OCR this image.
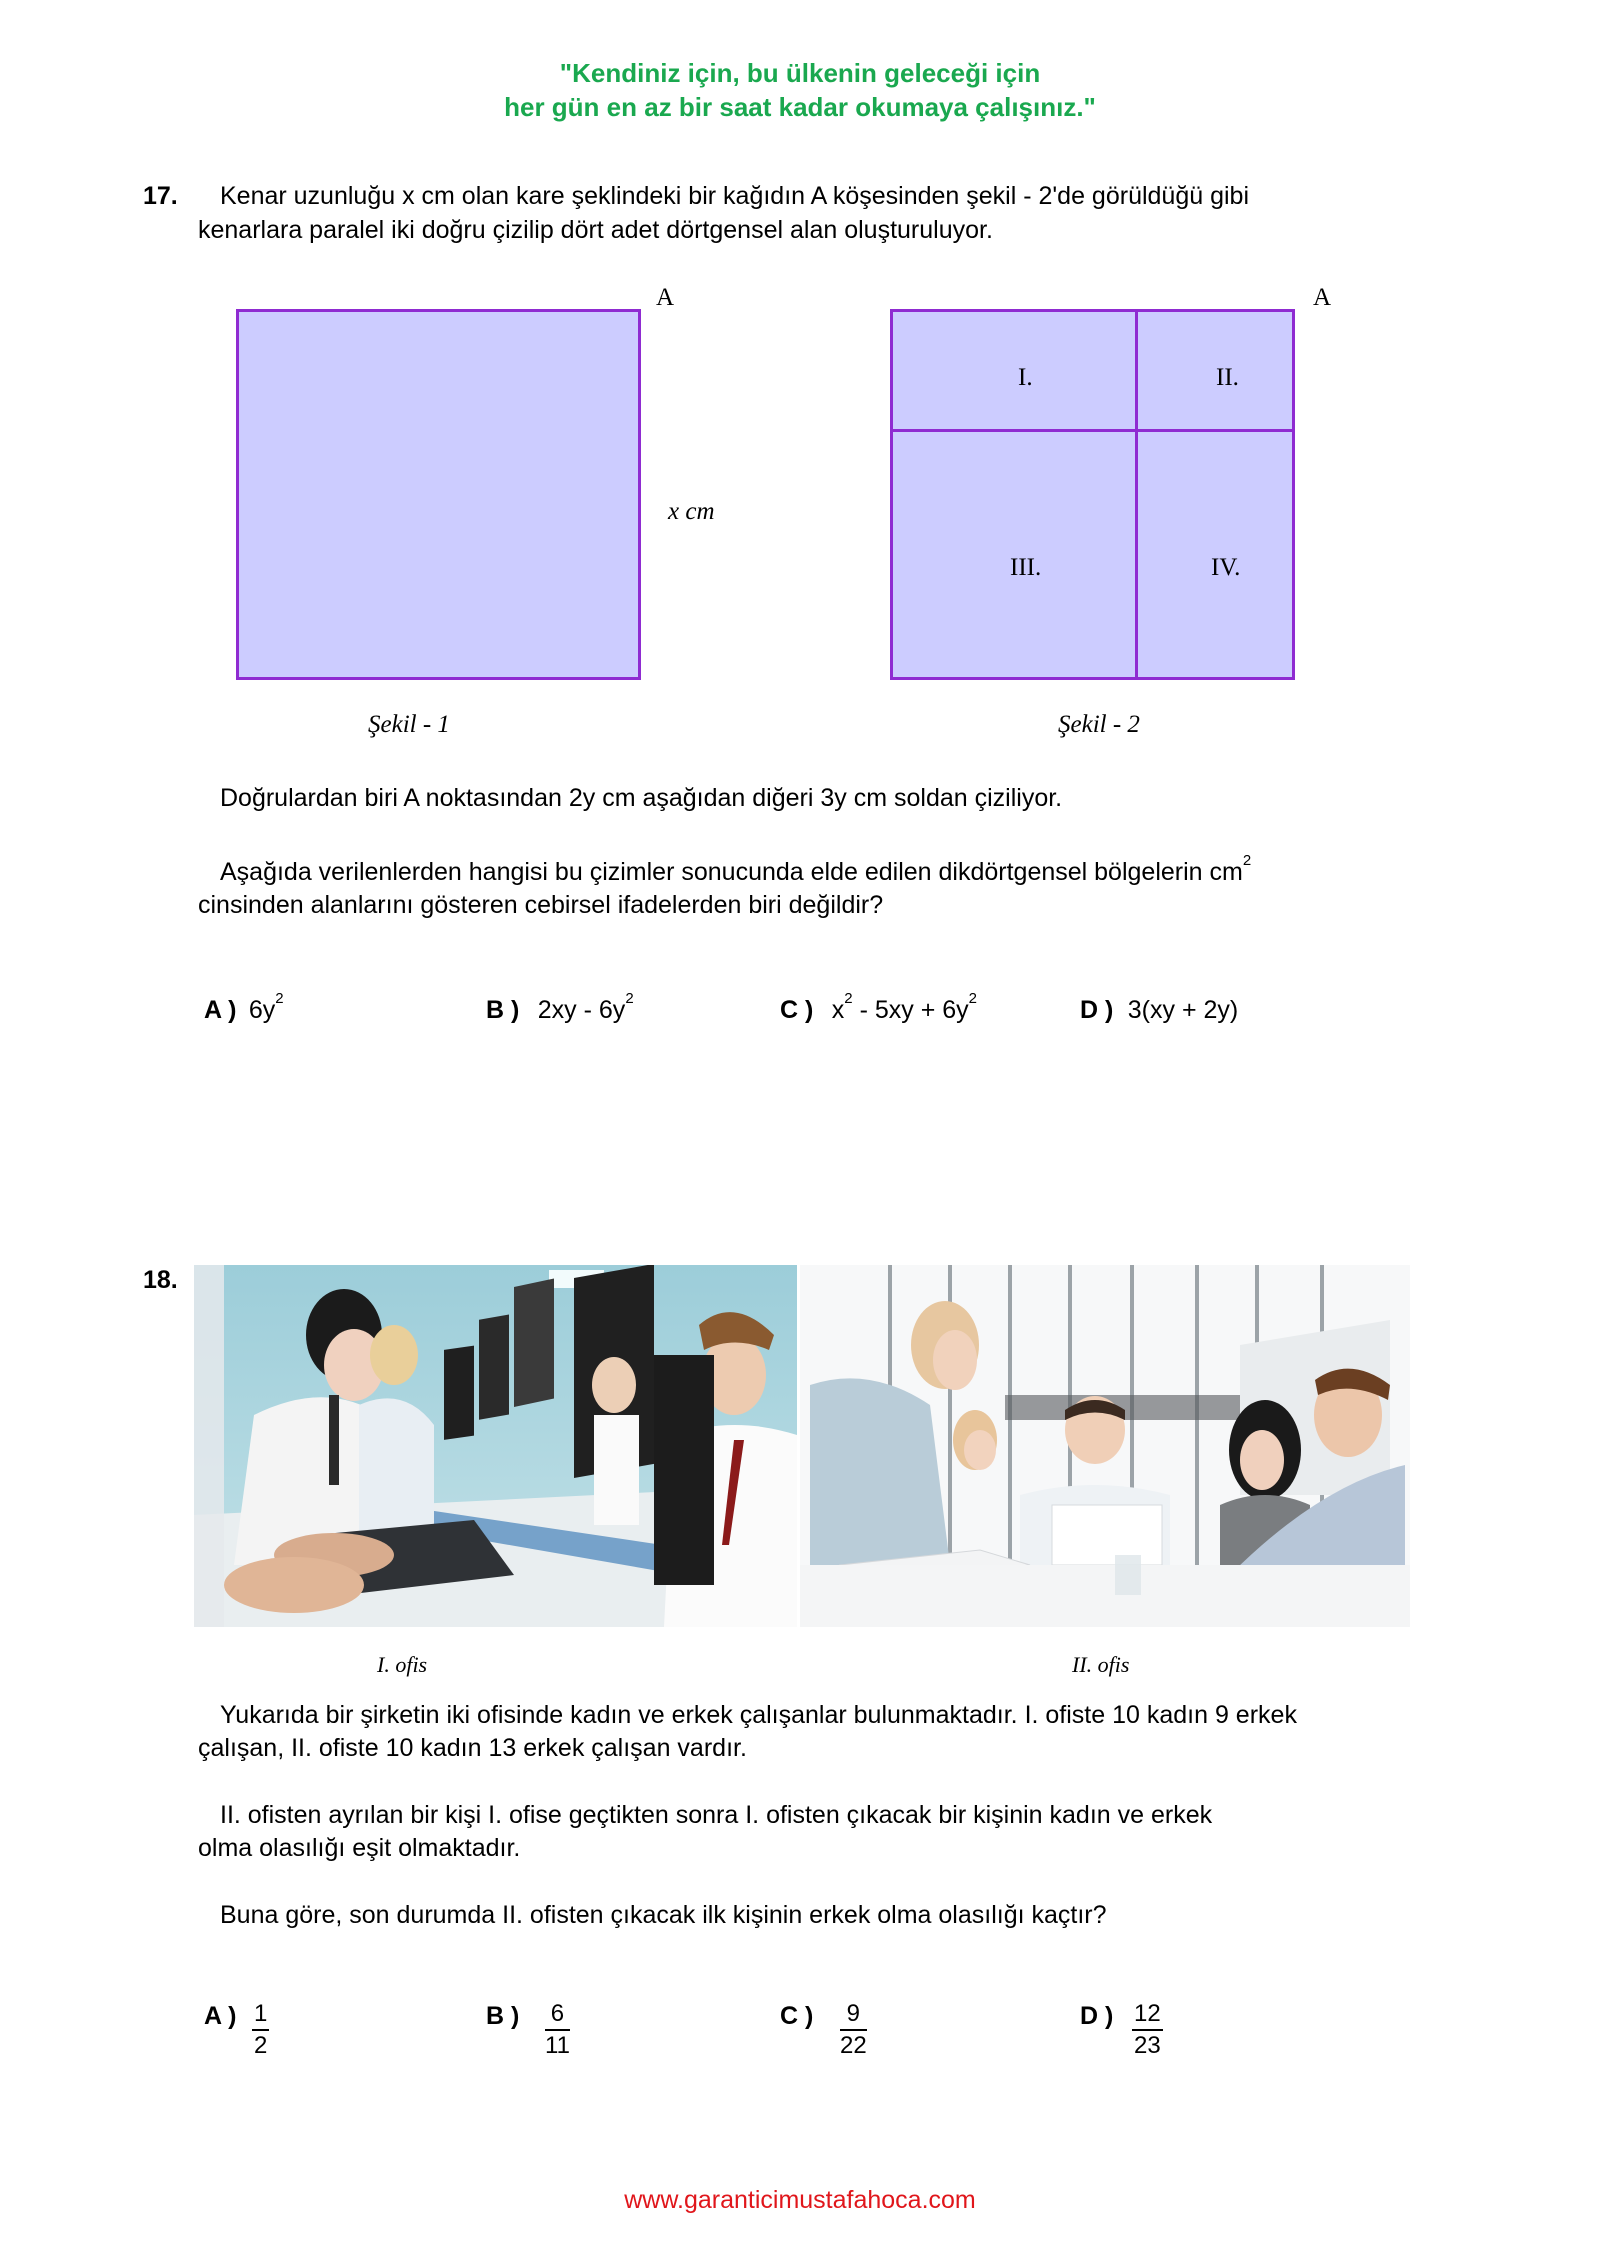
"Kendiniz için, bu ülkenin geleceği için
her gün en az bir saat kadar okumaya çalışınız."
17. Kenar uzunluğu x cm olan kare şeklindeki bir kağıdın A köşesinden şekil - 2'de görüldüğü gibi
kenarlara paralel iki doğru çizilip dört adet dörtgensel alan oluşturuluyor.
A
x cm
Şekil - 1
A
I.	II.
III.	IV.
Şekil - 2
Doğrulardan biri A noktasından 2y cm aşağıdan diğeri 3y cm soldan çiziliyor.
Aşağıda verilenlerden hangisi bu çizimler sonucunda elde edilen dikdörtgensel bölgelerin $cm^2$
cinsinden alanlarını gösteren cebirsel ifadelerden biri değildir?
A ) $6y^2$	B ) $2xy - 6y^2$	C ) $x^2 - 5xy + 6y^2$	D ) 3(xy + 2y)
18.
I. ofis	II. ofis
Yukarıda bir şirketin iki ofisinde kadın ve erkek çalışanlar bulunmaktadır. I. ofiste 10 kadın 9 erkek
çalışan, II. ofiste 10 kadın 13 erkek çalışan vardır.
II. ofisten ayrılan bir kişi I. ofise geçtikten sonra I. ofisten çıkacak bir kişinin kadın ve erkek
olma olasılığı eşit olmaktadır.
Buna göre, son durumda II. ofisten çıkacak ilk kişinin erkek olma olasılığı kaçtır?
A ) $\frac{1}{2}$	B ) $\frac{6}{11}$	C ) $\frac{9}{22}$	D ) $\frac{12}{23}$
www.garanticimustafahoca.com
